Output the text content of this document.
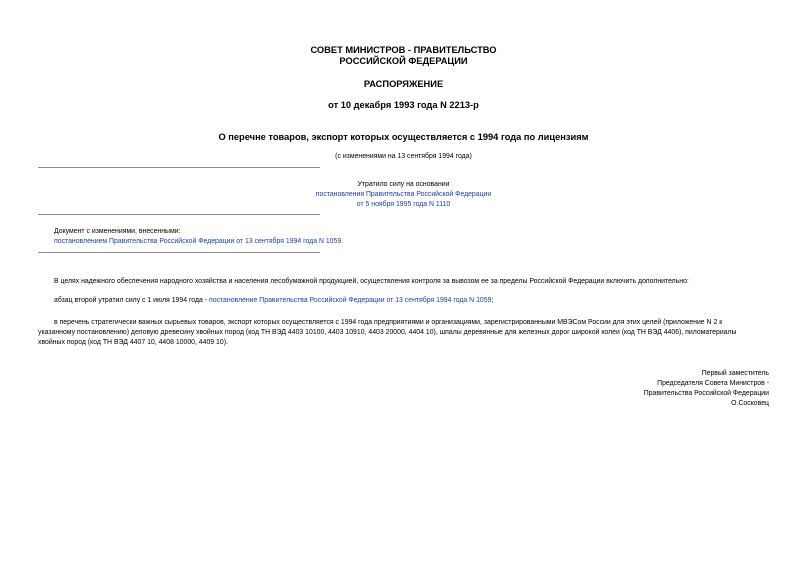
СОВЕТ МИНИСТРОВ - ПРАВИТЕЛЬСТВО
РОССИЙСКОЙ ФЕДЕРАЦИИ
РАСПОРЯЖЕНИЕ
от 10 декабря 1993 года N 2213-р
О перечне товаров, экспорт которых осуществляется с 1994 года по лицензиям
(с изменениями на 13 сентября 1994 года)
Утратило силу на основании
постановления Правительства Российской Федерации
от 5 ноября 1995 года N 1110
Документ с изменениями, внесенными:
постановлением Правительства Российской Федерации от 13 сентября 1994 года N 1059.
В целях надежного обеспечения народного хозяйства и населения лесобумажной продукцией, осуществления контроля за вывозом ее за пределы Российской Федерации включить дополнительно:
абзац второй утратил силу с 1 июля 1994 года - постановление Правительства Российской Федерации от 13 сентября 1994 года N 1059;
в перечень стратегически важных сырьевых товаров, экспорт которых осуществляется с 1994 года предприятиями и организациями, зарегистрированными МВЭСом России для этих целей (приложение N 2 к
указанному постановлению) деловую древесину хвойных пород (код ТН ВЭД 4403 10100, 4403 10910, 4403 20000, 4404 10), шпалы деревянные для железных дорог широкой колеи (код ТН ВЭД 4406), пиломатериалы
хвойных пород (код ТН ВЭД 4407 10, 4408 10000, 4409 10).
Первый заместитель
Председателя Совета Министров -
Правительства Российской Федерации
О.Сосковец
